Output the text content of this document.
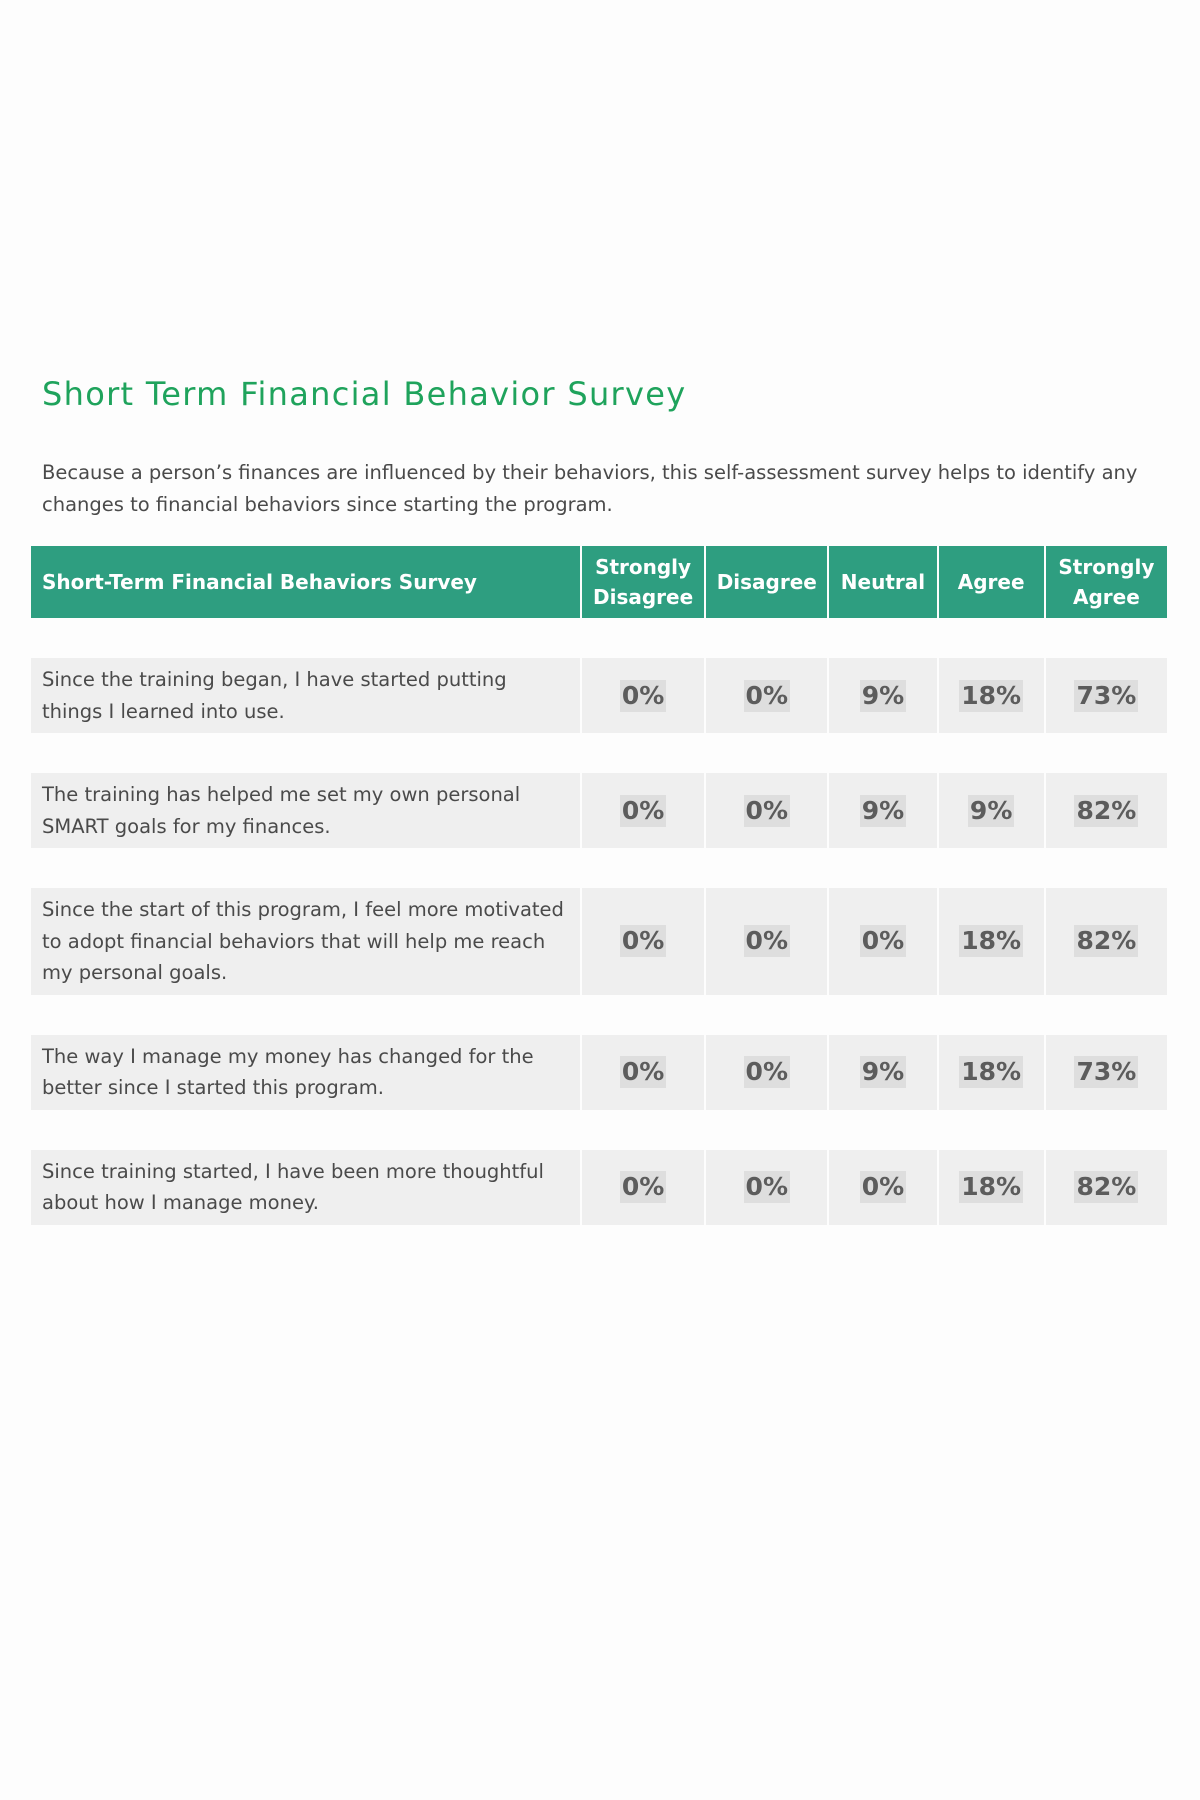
Short Term Financial Behavior Survey

Because a person’s finances are influenced by their behaviors, this self-assessment survey helps to identify any changes to financial behaviors since starting the program.

Short-Term Financial Behaviors Survey	Strongly Disagree	Disagree	Neutral	Agree	Strongly Agree
Since the training began, I have started putting things I learned into use.	0%	0%	9%	18%	73%
The training has helped me set my own personal SMART goals for my finances.	0%	0%	9%	9%	82%
Since the start of this program, I feel more motivated to adopt financial behaviors that will help me reach my personal goals.	0%	0%	0%	18%	82%
The way I manage my money has changed for the better since I started this program.	0%	0%	9%	18%	73%
Since training started, I have been more thoughtful about how I manage money.	0%	0%	0%	18%	82%
